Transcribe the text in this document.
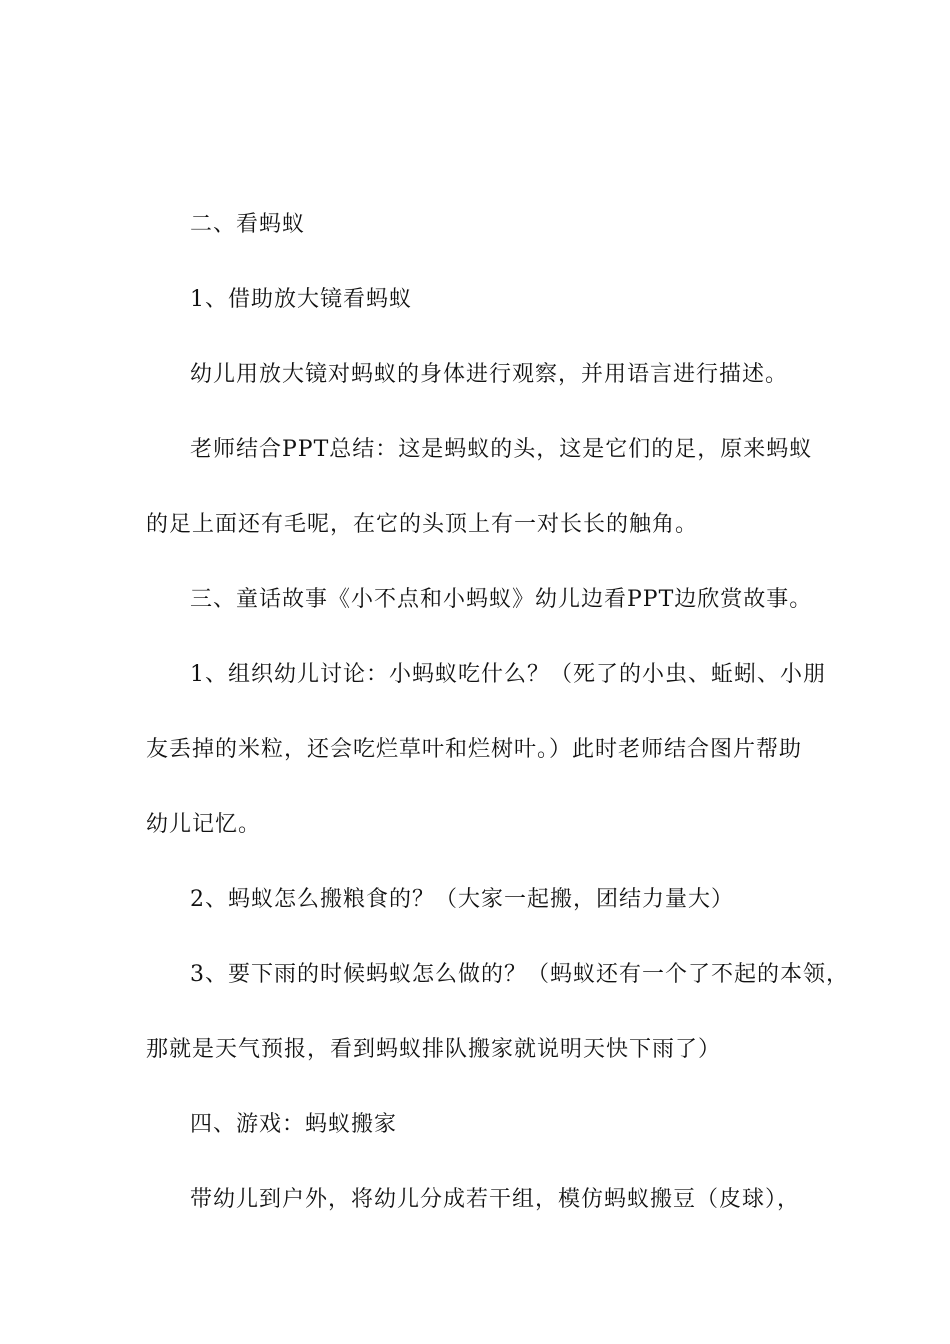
二、看蚂蚁
1、借助放大镜看蚂蚁
幼儿用放大镜对蚂蚁的身体进行观察，并用语言进行描述。
老师结合PPT总结：这是蚂蚁的头，这是它们的足，原来蚂蚁
的足上面还有毛呢，在它的头顶上有一对长长的触角。
三、童话故事《小不点和小蚂蚁》幼儿边看PPT边欣赏故事。
1、组织幼儿讨论：小蚂蚁吃什么？（死了的小虫、蚯蚓、小朋
友丢掉的米粒，还会吃烂草叶和烂树叶。）此时老师结合图片帮助
幼儿记忆。
2、蚂蚁怎么搬粮食的？（大家一起搬，团结力量大）
3、要下雨的时候蚂蚁怎么做的？（蚂蚁还有一个了不起的本领，
那就是天气预报，看到蚂蚁排队搬家就说明天快下雨了）
四、游戏：蚂蚁搬家
带幼儿到户外，将幼儿分成若干组，模仿蚂蚁搬豆（皮球），
